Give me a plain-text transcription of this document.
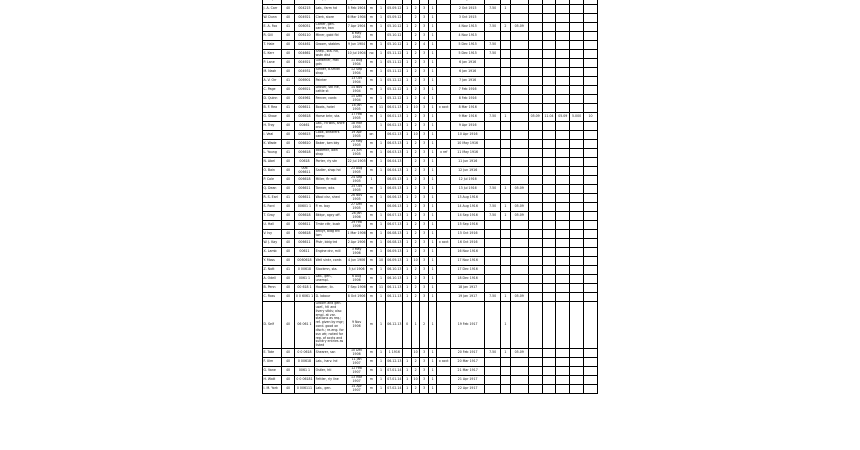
J. A. Carr	40	004215	Lab., farm hd	5 Feb 1904	m	1	05.09.12	1	2	3	1		2 Oct 1915	7.50	1						
W. Dunn	40	004921	Clerk, store	6 Mar 1904	m	1	05.09.12		2	3	1		3 Oct 1915								
E. A. Fox	41	006051	Carter, gen. carrier, twn	7 Apr 1904	m	1	05.10.12	1	2	3	1		4 Nov 1915	7.50	2	05.09					
R. Gill	40	006110	Miner, gold fld	8 May 1904	m		05.10.12		2	3	1		4 Nov 1915								
T. Hale	40	004461	Groom, stables	9 Jun 1904	m	1	05.10.12	1	2	4	1		5 Dec 1915	7.50							
S. Kerr	40	004661	Shep., sta. hd, wstn dist	10 Jul 1904	no	1	05.11.12	1	2	3	1		5 Dec 1915	7.50							
P. Lane	40	004921	Gardener, mkt gdn	11 Aug 1904	m	1	05.11.12	1	2	3	1		6 Jan 1916								
M. Nash	40	004931	Striker, b.smith shop	12 Sep 1904	m	1	05.11.12	1	2	3	1		6 Jan 1916								
A. V. Orr	41	006901	Painter	13 Oct 1904	m	1	05.12.12	1	2	3	1		7 Jan 1916								
C. Page	40	006921	Drover, stk rte, cattle st	14 Nov 1904	m	1	05.12.12	1	2	3	1		7 Feb 1916								
D. Quinn	40	004961	Fencer, contr.	15 Dec 1904	m	1	05.12.12	1	2	4	1		8 Feb 1916								
B. F. Rea	41	006611	Boots, hotel	16 Jan 1905	m	11	06.01.13	1	10	3	1	x acct	8 Mar 1916								
G. Shaw	40	006618	Horse brkr, sta.	17 Feb 1905	m	1	06.01.13	1	2	3	1		9 Mar 1916	7.50	1		05.09	11.04	05.09	5.000	10
H. Troy	40	00461	Lab., rd wks, shire cncl	18 Mar 1905		1	06.02.13	1	2	3	1		9 Apr 1916								
I. Veal	40	006615	Cook, shearers camp	19 Apr 1905	on		06.02.13	1	10	3	1		10 Apr 1916								
K. Wade	40	006610	Baker, twn bky	20 May 1905	m	1	06.03.13	1	2	3	1		10 May 1916								
L. Young	41	006618	Bootmkr, own shop	21 Jun 1905	m	1	06.03.13	1	2	3	1	x ref	11 May 1916								
N. Abel	40	00618	Porter, rly stn	22 Jul 1905	m	1	06.04.13		2	3	1		11 Jun 1916								
O. Bain	40	006 006611	Sadler, shop hd	23 Aug 1905	m	1	06.04.13	1	2	3	1		12 Jun 1916								
P. Cole	40	006618	Miller, flr mill	24 Sep 1905	1		06.05.13	1	2	3	1		12 Jul 1916								
Q. Dean	40	006611	Tanner, wks	25 Oct 1905	m	1	06.05.13	1	2	3	1		13 Jul 1916	7.50	1	05.09					
R. S. Earl	41	006611	Wool clsr, shed	26 Nov 1905	m	1	06.06.13	1	2	3	1		13 Aug 1916								
S. Ford	40	00601 1	P. m. boy	27 Dec 1905	m		06.06.13	1	2	3	1		14 Aug 1916	7.50	1	05.09					
T. Gray	40	006618	Bkkpr, agcy off.	28 Jan 1906	m	1	06.07.13	1	2	3	1		14 Sep 1916	7.50	1	05.09					
U. Hall	40	006611	Tmbr cttr, bush	29 Feb 1906	m	1	06.07.13	1	2	3	1		15 Sep 1916								
V. Ivy	40	006618	Brklyr, bldg trd twn	1 Mar 1906	m	1	06.08.13	1	2	3	1		15 Oct 1916								
W. J. Kay	40	006611	Plstr, bldg trd	2 Apr 1906	m	1	06.08.13	1	2	3	1	x acct	16 Oct 1916								
X. Lamb	40	00611	Engine drv, mill	3 May 1906	m	1	06.09.13	1	2	3	1		16 Nov 1916								
Y. Moss	40	0060618	Well sinkr, contr.	4 Jun 1906	m	10	06.09.13	1	10	3	1		17 Nov 1916								
Z. Nott	41	0 00618	Stockmn, sta.	5 Jul 1906	m	1	06.10.13	1	2	3	1		17 Dec 1916								
A. Odell	40	0061 1	Lab., gen., unempl.	6 Aug 1906	m	1	06.10.13	1	2	3	1		18 Dec 1916								
B. Penn	40	00 618 1	Hawker, lic.	7 Sep 1906	m	11	06.11.13	1	2	3	1		18 Jan 1917								
C. Ross	40	0 0 6061 1	D. labour	8 Oct 1906	m	1	06.11.13	1	2	3	1		19 Jan 1917	7.50	1	05.09					
D. Self	40	06 061 1	Groom and gen. usef., htl and livery stbls; also empl. at var. stations as req.; ref. given by mgr; cond. good on disch.; re-eng. for ssn wk; noted for reg. of accts and sundry entries as listed	9 Nov 1906	m	1	06.12.13	0	1	2	1		19 Feb 1917		1						
E. Tate	40	0 0 0618	Shearer, ssn	10 Dec 1906	m	1	1 1916		10	3	1		20 Feb 1917	7.50	1	05.09					
F. Ulm	40	0 00618	Lab., harv. hd	11 Jan 1907	m	1	06.12.13	1	2	3	1	x acct	20 Mar 1917								
G. Vane	40	0061 1	Ostler, htl	12 Feb 1907	m	1	07.01.14	1	2	3	1		21 Mar 1917								
H. Watt	40	0 0 06181	Fettler, rly line	13 Mar 1907	m	1	07.01.14	1	10	3	1		21 Apr 1917								
I. M. York	40	0 006111	Lab., gen.	14 Apr 1907	m	1	07.02.14	1	2	3	1		22 Apr 1917								
